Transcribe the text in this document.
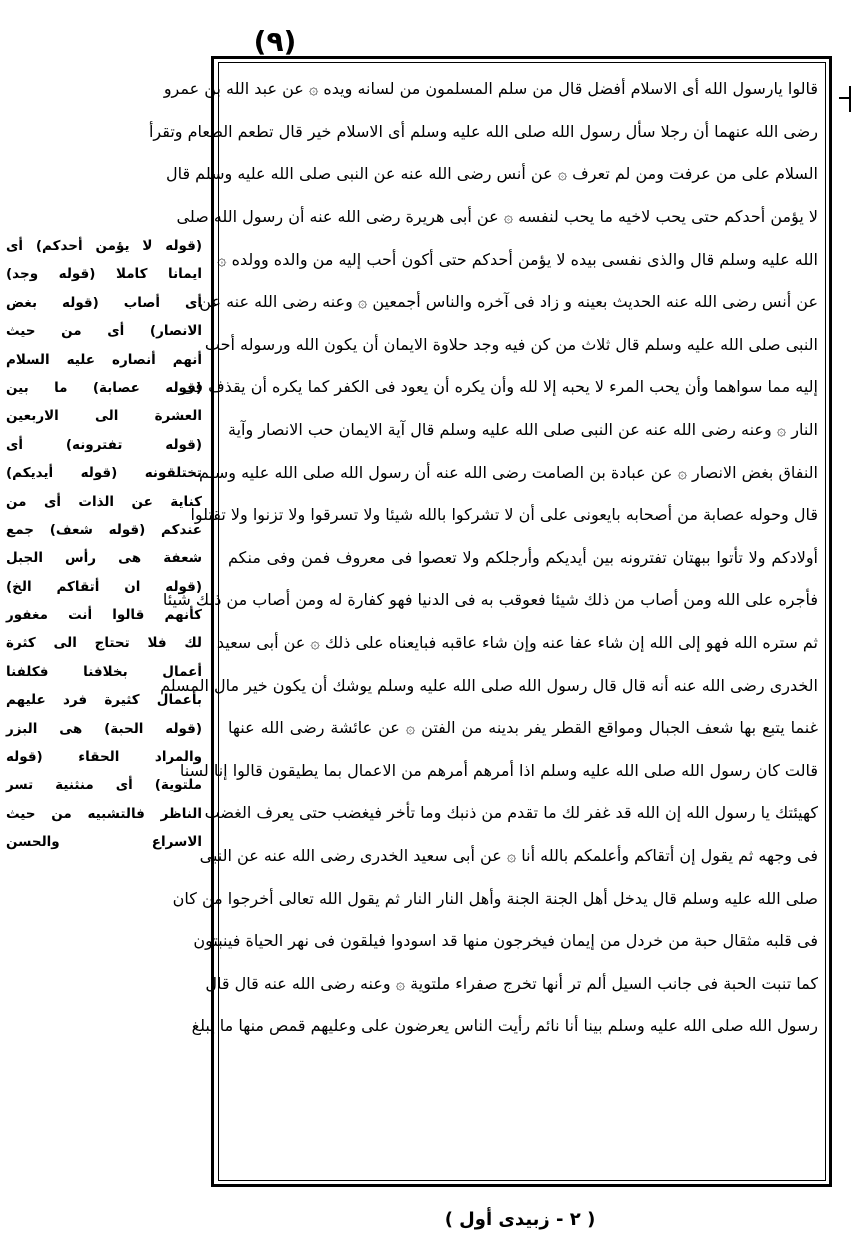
(٩)
قالوا يارسول الله أى الاسلام أفضل قال من سلم المسلمون من لسانه ويده ۞ عن عبد الله بن عمرو
رضى الله عنهما أن رجلا سأل رسول الله صلى الله عليه وسلم أى الاسلام خير قال تطعم الطعام وتقرأ
السلام على من عرفت ومن لم تعرف ۞ عن أنس رضى الله عنه عن النبى صلى الله عليه وسلم قال
لا يؤمن أحدكم حتى يحب لاخيه ما يحب لنفسه ۞ عن أبى هريرة رضى الله عنه أن رسول الله صلى
الله عليه وسلم قال والذى نفسى بيده لا يؤمن أحدكم حتى أكون أحب إليه من والده وولده ۞
عن أنس رضى الله عنه الحديث بعينه و زاد فى آخره والناس أجمعين ۞ وعنه رضى الله عنه عن
النبى صلى الله عليه وسلم قال ثلاث من كن فيه وجد حلاوة الايمان أن يكون الله ورسوله أحب
إليه مما سواهما وأن يحب المرء لا يحبه إلا لله وأن يكره أن يعود فى الكفر كما يكره أن يقذف فى
النار ۞ وعنه رضى الله عنه عن النبى صلى الله عليه وسلم قال آية الايمان حب الانصار وآية
النفاق بغض الانصار ۞ عن عبادة بن الصامت رضى الله عنه أن رسول الله صلى الله عليه وسلم
قال وحوله عصابة من أصحابه بايعونى على أن لا تشركوا بالله شيئا ولا تسرقوا ولا تزنوا ولا تقتلوا
أولادكم ولا تأتوا ببهتان تفترونه بين أيديكم وأرجلكم ولا تعصوا فى معروف فمن وفى منكم
فأجره على الله ومن أصاب من ذلك شيئا فعوقب به فى الدنيا فهو كفارة له ومن أصاب من ذلك شيئا
ثم ستره الله فهو إلى الله إن شاء عفا عنه وإن شاء عاقبه فبايعناه على ذلك ۞ عن أبى سعيد
الخدرى رضى الله عنه أنه قال قال رسول الله صلى الله عليه وسلم يوشك أن يكون خير مال المسلم
غنما يتبع بها شعف الجبال ومواقع القطر يفر بدينه من الفتن ۞ عن عائشة رضى الله عنها
قالت كان رسول الله صلى الله عليه وسلم اذا أمرهم أمرهم من الاعمال بما يطيقون قالوا إنا لسنا
كهيئتك يا رسول الله إن الله قد غفر لك ما تقدم من ذنبك وما تأخر فيغضب حتى يعرف الغضب
فى وجهه ثم يقول إن أتقاكم وأعلمكم بالله أنا ۞ عن أبى سعيد الخدرى رضى الله عنه عن النبى
صلى الله عليه وسلم قال يدخل أهل الجنة الجنة وأهل النار النار ثم يقول الله تعالى أخرجوا من كان
فى قلبه مثقال حبة من خردل من إيمان فيخرجون منها قد اسودوا فيلقون فى نهر الحياة فينبتون
كما تنبت الحبة فى جانب السيل ألم تر أنها تخرج صفراء ملتوية ۞ وعنه رضى الله عنه قال قال
رسول الله صلى الله عليه وسلم بينا أنا نائم رأيت الناس يعرضون على وعليهم قمص منها ما يبلغ
(قوله لا يؤمن أحدكم) أى
ايمانا كاملا (قوله وجد)
أى أصاب (قوله بغض
الانصار) أى من حيث
أنهم أنصاره عليه السلام
(قوله عصابة) ما بين
العشرة الى الاربعين
(قوله تفترونه) أى
تختلقونه (قوله أيديكم)
كناية عن الذات أى من
عندكم (قوله شعف) جمع
شعفة هى رأس الجبل
(قوله ان أتقاكم الخ)
كأنهم قالوا أنت مغفور
لك فلا تحتاج الى كثرة
أعمال بخلافنا فكلفنا
بأعمال كثيرة فرد عليهم
(قوله الحبة) هى البزر
والمراد الحقاء (قوله
ملتوية) أى منثنية تسر
الناظر فالتشبيه من حيث
الاسراع والحسن
( ٢ - زبيدى أول )
